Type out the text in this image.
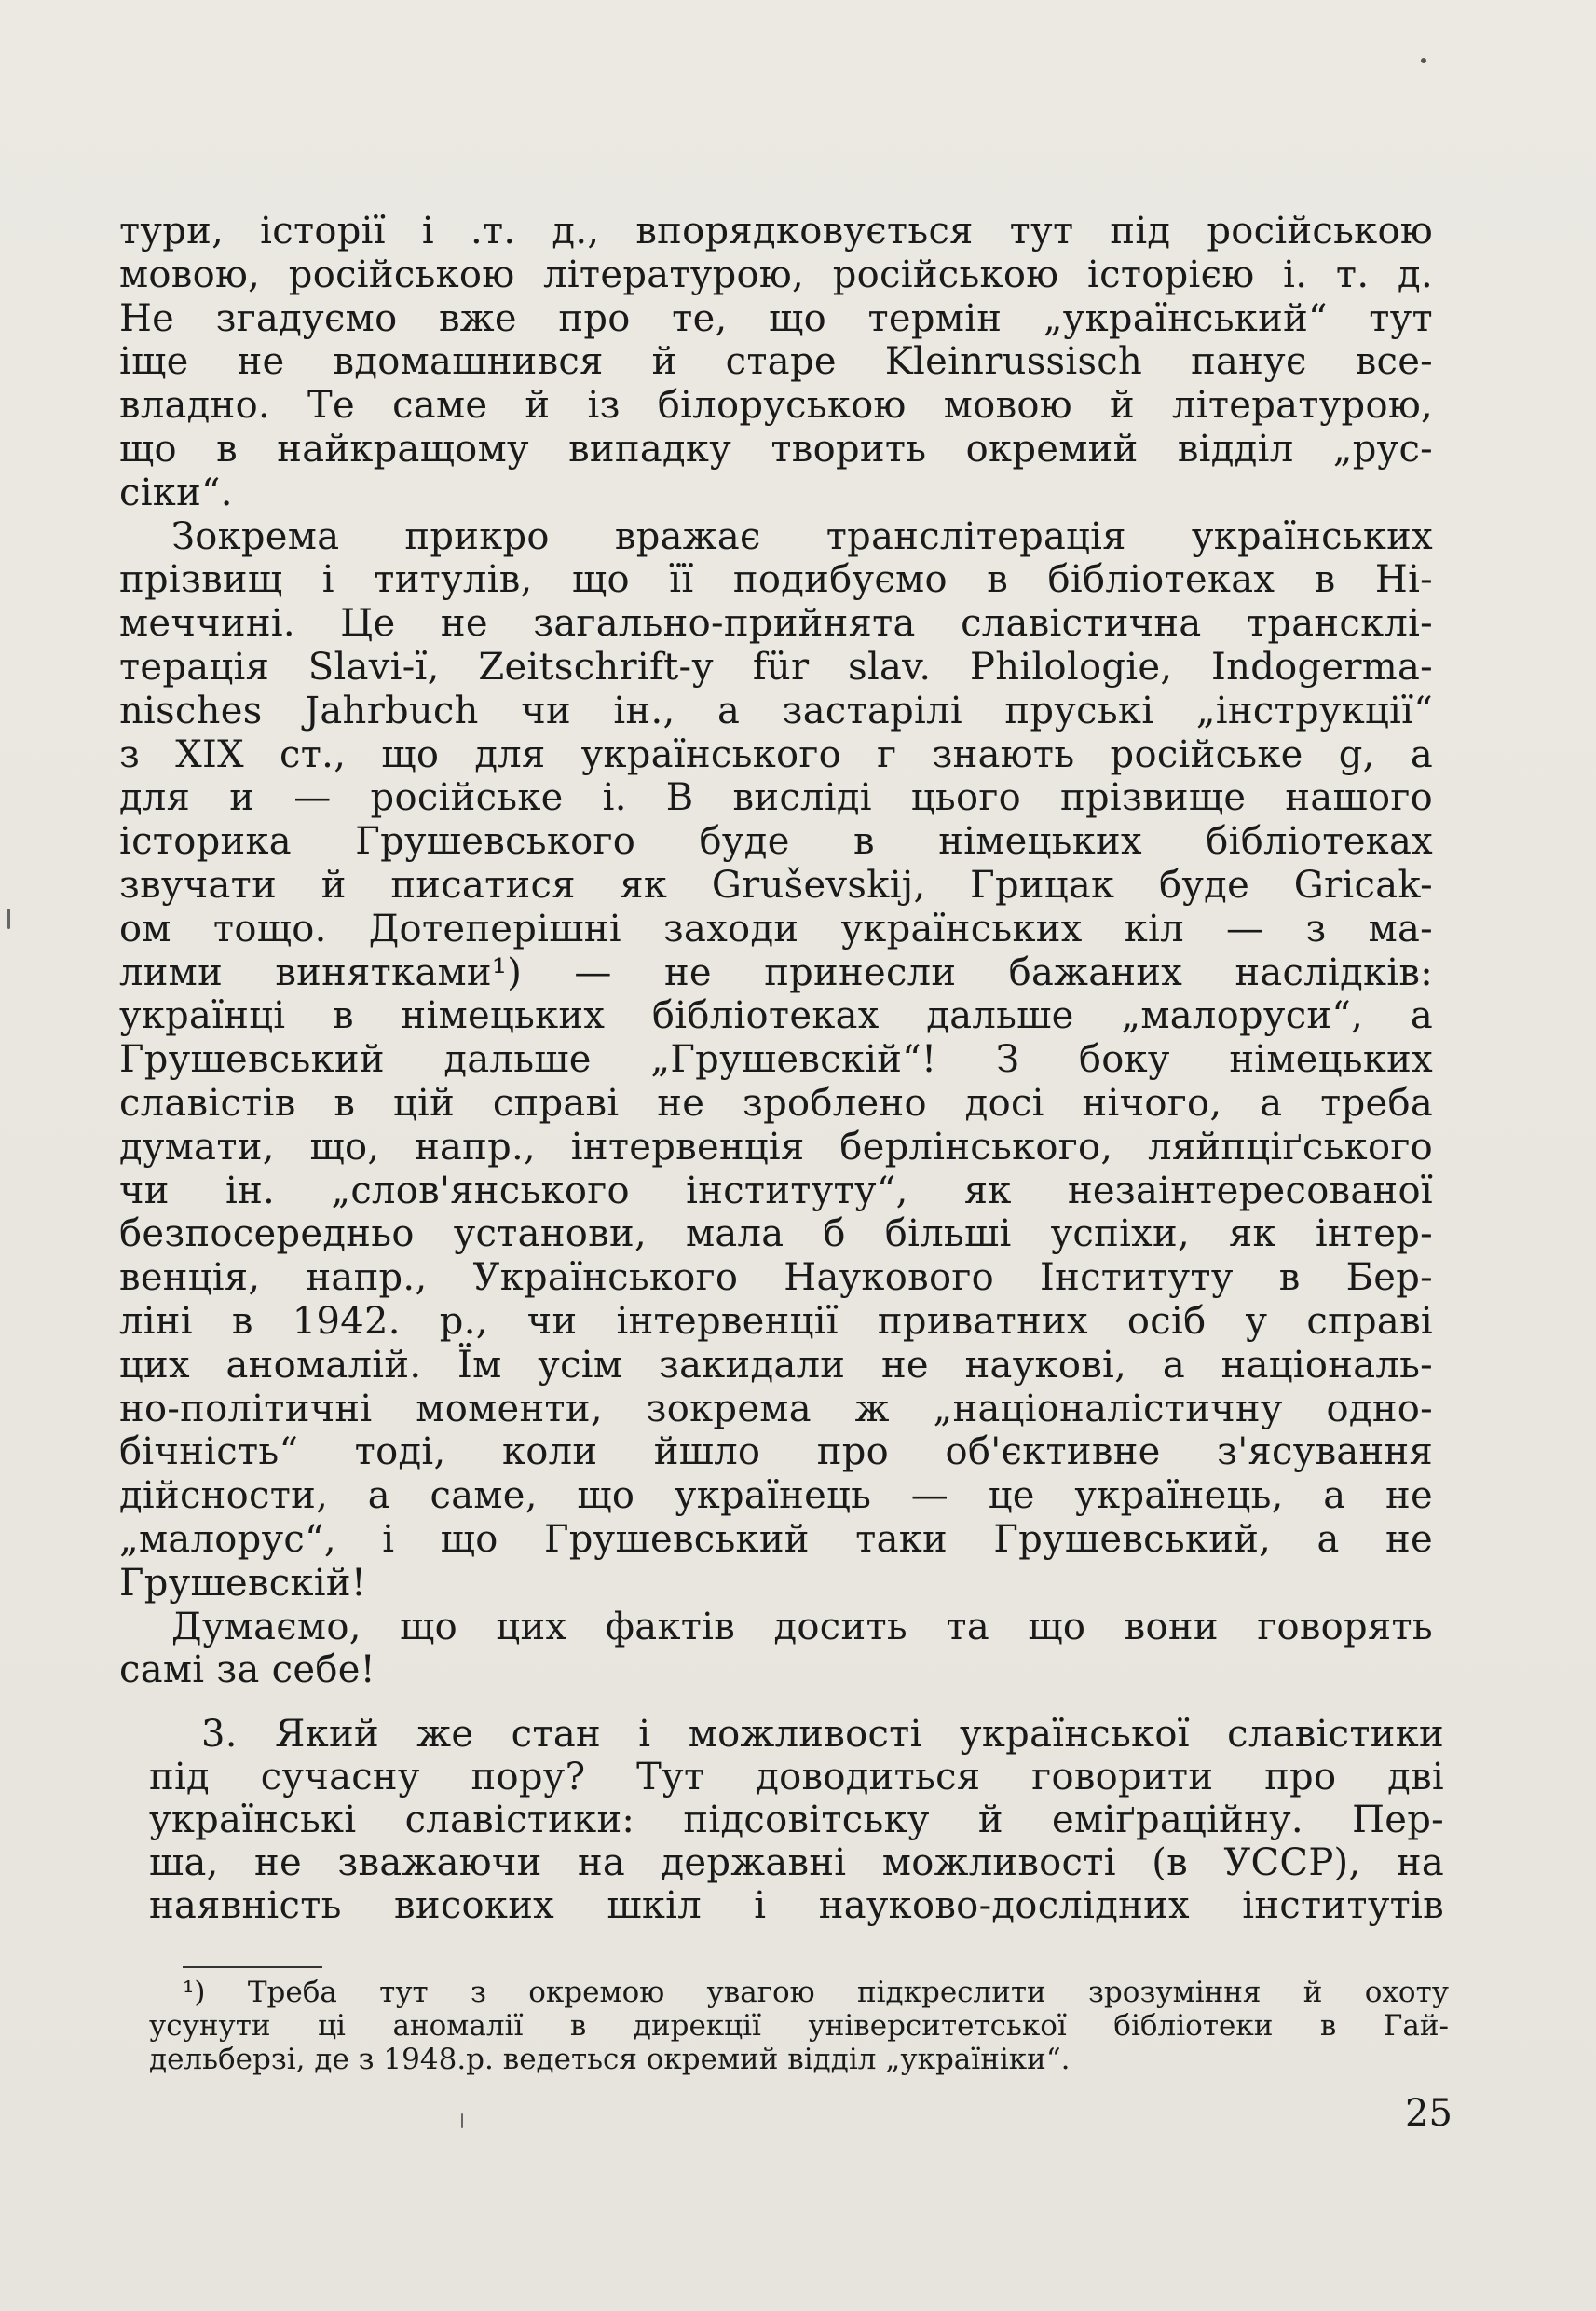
тури, історії і .т. д., впорядковується тут під російською
мовою, російською літературою, російською історією і. т. д.
Не згадуємо вже про те, що термін „український“ тут
іще не вдомашнився й старе Kleinrussisch панує все-
владно. Те саме й із білоруською мовою й літературою,
що в найкращому випадку творить окремий відділ „рус-
сіки“.
Зокрема прикро вражає транслітерація українських
прізвищ і титулів, що її подибуємо в бібліотеках в Ні-
меччині. Це не загально-прийнята славістична трансклі-
терація Slavi-ї, Zeitschrift-у für slav. Philologie, Indogerma-
nisches Jahrbuch чи ін., а застарілі пруські „інструкції“
з XIX ст., що для українського г знають російське g, а
для и — російське і. В висліді цього прізвище нашого
історика Грушевського буде в німецьких бібліотеках
звучати й писатися як Gruševskij, Грицак буде Gricak-
ом тощо. Дотеперішні заходи українських кіл — з ма-
лими винятками¹) — не принесли бажаних наслідків:
українці в німецьких бібліотеках дальше „малоруси“, а
Грушевський дальше „Грушевскій“! З боку німецьких
славістів в цій справі не зроблено досі нічого, а треба
думати, що, напр., інтервенція берлінського, ляйпціґського
чи ін. „слов'янського інституту“, як незаінтересованої
безпосередньо установи, мала б більші успіхи, як інтер-
венція, напр., Українського Наукового Інституту в Бер-
ліні в 1942. р., чи інтервенції приватних осіб у справі
цих аномалій. Їм усім закидали не наукові, а національ-
но-політичні моменти, зокрема ж „націоналістичну одно-
бічність“ тоді, коли йшло про об'єктивне з'ясування
дійсности, а саме, що українець — це українець, а не
„малорус“, і що Грушевський таки Грушевський, а не
Грушевскій!
Думаємо, що цих фактів досить та що вони говорять
самі за себе!
3. Який же стан і можливості української славістики
під сучасну пору? Тут доводиться говорити про дві
українські славістики: підсовітську й еміґраційну. Пер-
ша, не зважаючи на державні можливості (в УССР), на
наявність високих шкіл і науково-дослідних інститутів
¹) Треба тут з окремою увагою підкреслити зрозуміння й охоту
усунути ці аномалії в дирекції університетської бібліотеки в Гай-
дельберзі, де з 1948.р. ведеться окремий відділ „україніки“.
25
